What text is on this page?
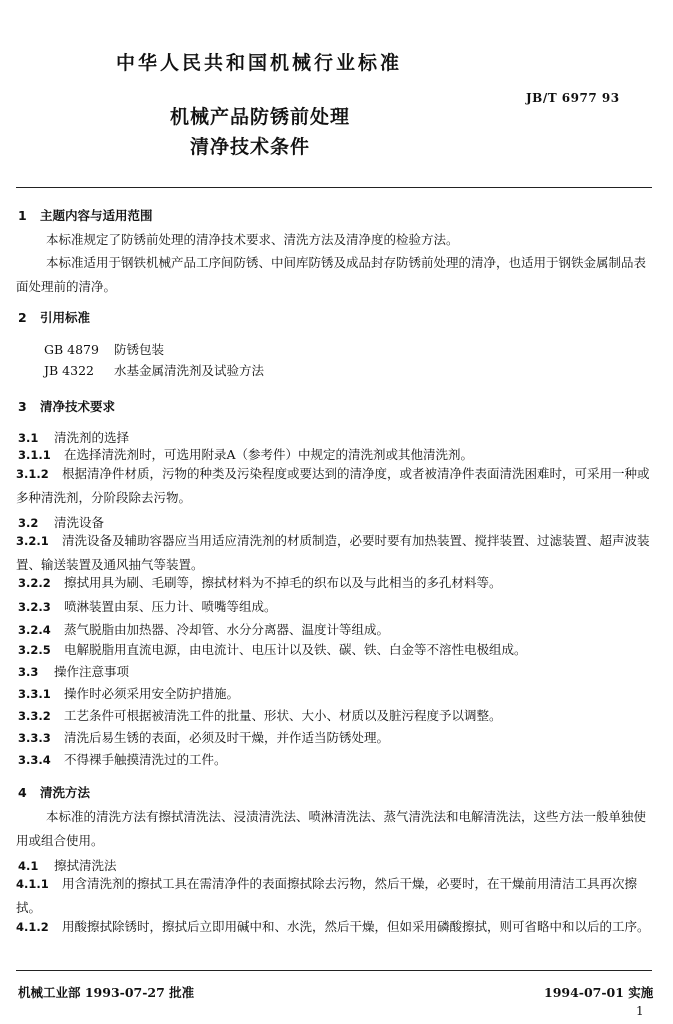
中华人民共和国机械行业标准
JB/T 6977 93
机械产品防锈前处理
清净技术条件
1 主题内容与适用范围
本标准规定了防锈前处理的清净技术要求、清洗方法及清净度的检验方法。
本标准适用于钢铁机械产品工序间防锈、中间库防锈及成品封存防锈前处理的清净，也适用于钢铁金属制品表面处理前的清净。
2 引用标准
GB 4879 防锈包装
JB 4322 水基金属清洗剂及试验方法
3 清净技术要求
3.1 清洗剂的选择
3.1.1 在选择清洗剂时，可选用附录A（参考件）中规定的清洗剂或其他清洗剂。
3.1.2 根据清净件材质，污物的种类及污染程度或要达到的清净度，或者被清净件表面清洗困难时，可采用一种或多种清洗剂，分阶段除去污物。
3.2 清洗设备
3.2.1 清洗设备及辅助容器应当用适应清洗剂的材质制造，必要时要有加热装置、搅拌装置、过滤装置、超声波装置、输送装置及通风抽气等装置。
3.2.2 擦拭用具为刷、毛刷等，擦拭材料为不掉毛的织布以及与此相当的多孔材料等。
3.2.3 喷淋装置由泵、压力计、喷嘴等组成。
3.2.4 蒸气脱脂由加热器、冷却管、水分分离器、温度计等组成。
3.2.5 电解脱脂用直流电源，由电流计、电压计以及铁、碳、铁、白金等不溶性电极组成。
3.3 操作注意事项
3.3.1 操作时必须采用安全防护措施。
3.3.2 工艺条件可根据被清洗工件的批量、形状、大小、材质以及脏污程度予以调整。
3.3.3 清洗后易生锈的表面，必须及时干燥，并作适当防锈处理。
3.3.4 不得裸手触摸清洗过的工件。
4 清洗方法
本标准的清洗方法有擦拭清洗法、浸渍清洗法、喷淋清洗法、蒸气清洗法和电解清洗法，这些方法一般单独使用或组合使用。
4.1 擦拭清洗法
4.1.1 用含清洗剂的擦拭工具在需清净件的表面擦拭除去污物，然后干燥，必要时，在干燥前用清洁工具再次擦拭。
4.1.2 用酸擦拭除锈时，擦拭后立即用碱中和、水洗，然后干燥，但如采用磷酸擦拭，则可省略中和以后的工序。
机械工业部 1993-07-27 批准	1994-07-01 实施
1
